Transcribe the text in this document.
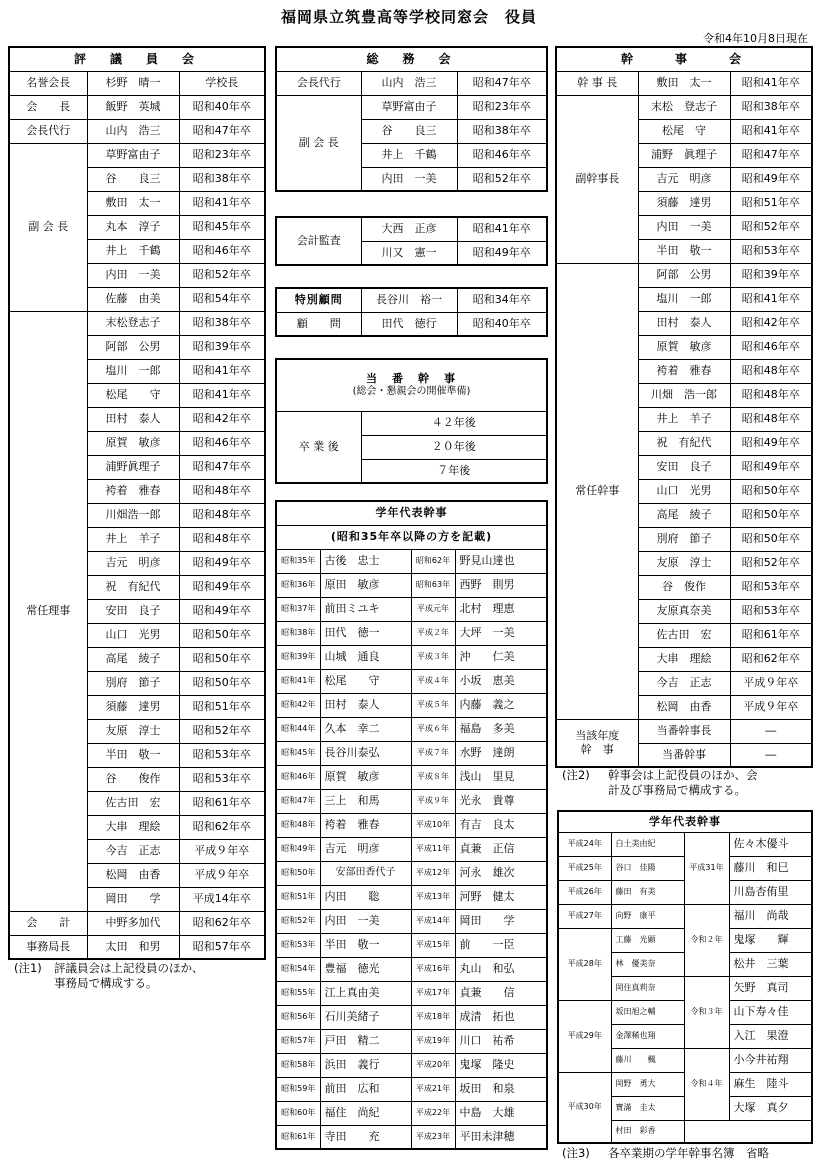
福岡県立筑豊高等学校同窓会　役員
令和4年10月8日現在
評　議　員　会		
名誉会長	杉野　晴一	学校長
会　　長	飯野　英城	昭和40年卒
会長代行	山内　浩三	昭和47年卒
副 会 長	草野富由子	昭和23年卒
	谷　　良三	昭和38年卒
	敷田　太一	昭和41年卒
	丸本　淳子	昭和45年卒
	井上　千鶴	昭和46年卒
	内田　一美	昭和52年卒
	佐藤　由美	昭和54年卒
常任理事	末松登志子	昭和38年卒
	阿部　公男	昭和39年卒
	塩川　一郎	昭和41年卒
	松尾　　守	昭和41年卒
	田村　泰人	昭和42年卒
	原賀　敏彦	昭和46年卒
	浦野眞理子	昭和47年卒
	袴着　雅春	昭和48年卒
	川畑浩一郎	昭和48年卒
	井上　羊子	昭和48年卒
	吉元　明彦	昭和49年卒
	祝　有紀代	昭和49年卒
	安田　良子	昭和49年卒
	山口　光男	昭和50年卒
	高尾　綾子	昭和50年卒
	別府　節子	昭和50年卒
	須藤　達男	昭和51年卒
	友原　淳士	昭和52年卒
	半田　敬一	昭和53年卒
	谷　　俊作	昭和53年卒
	佐古田　宏	昭和61年卒
	大串　理絵	昭和62年卒
	今吉　正志	平成９年卒
	松岡　由香	平成９年卒
	岡田　　学	平成14年卒
会　　計	中野多加代	昭和62年卒
事務局長	太田　和男	昭和57年卒
(注1) 評議員会は上記役員のほか、
事務局で構成する。
総　務　会		
会長代行	山内　浩三	昭和47年卒
副 会 長	草野富由子	昭和23年卒
	谷　　良三	昭和38年卒
	井上　千鶴	昭和46年卒
	内田　一美	昭和52年卒
会計監査	大西　正彦	昭和41年卒
	川又　憲一	昭和49年卒
特別顧問	長谷川　裕一	昭和34年卒
顧　　問	田代　徳行	昭和40年卒
当　番　幹　事
(総会・懇親会の開催準備)

卒 業 後	４２年後
２０年後
７年後
学年代表幹事			
(昭和35年卒以降の方を記載)			
昭和35年	古後　忠士	昭和62年	野見山達也
昭和36年	原田　敏彦	昭和63年	西野　則男
昭和37年	前田ミユキ	平成元年	北村　理恵
昭和38年	田代　徳一	平成２年	大坪　一美
昭和39年	山城　通良	平成３年	沖　　仁美
昭和41年	松尾　　守	平成４年	小坂　恵美
昭和42年	田村　泰人	平成５年	内藤　義之
昭和44年	久本　幸二	平成６年	福島　多美
昭和45年	長谷川泰弘	平成７年	水野　達朗
昭和46年	原賀　敏彦	平成８年	浅山　里見
昭和47年	三上　和馬	平成９年	光永　貴尊
昭和48年	袴着　雅春	平成10年	有吉　良太
昭和49年	吉元　明彦	平成11年	貞兼　正信
昭和50年	安部田香代子	平成12年	河永　雄次
昭和51年	内田　　聡	平成13年	河野　健太
昭和52年	内田　一美	平成14年	岡田　　学
昭和53年	半田　敬一	平成15年	前　　一臣
昭和54年	豊福　徳光	平成16年	丸山　和弘
昭和55年	江上真由美	平成17年	貞兼　　信
昭和56年	石川美緒子	平成18年	成清　拓也
昭和57年	戸田　精二	平成19年	川口　祐希
昭和58年	浜田　義行	平成20年	鬼塚　隆史
昭和59年	前田　広和	平成21年	坂田　和泉
昭和60年	福住　尚紀	平成22年	中島　大雄
昭和61年	寺田　　充	平成23年	平田未津穂
幹　　事　　会		
幹 事 長	敷田　太一	昭和41年卒
副幹事長	末松　登志子	昭和38年卒
	松尾　守	昭和41年卒
	浦野　眞理子	昭和47年卒
	吉元　明彦	昭和49年卒
	須藤　達男	昭和51年卒
	内田　一美	昭和52年卒
	半田　敬一	昭和53年卒
常任幹事	阿部　公男	昭和39年卒
	塩川　一郎	昭和41年卒
	田村　泰人	昭和42年卒
	原賀　敏彦	昭和46年卒
	袴着　雅春	昭和48年卒
	川畑　浩一郎	昭和48年卒
	井上　羊子	昭和48年卒
	祝　有紀代	昭和49年卒
	安田　良子	昭和49年卒
	山口　光男	昭和50年卒
	高尾　綾子	昭和50年卒
	別府　節子	昭和50年卒
	友原　淳士	昭和52年卒
	谷　俊作	昭和53年卒
	友原真奈美	昭和53年卒
	佐古田　宏	昭和61年卒
	大串　理絵	昭和62年卒
	今吉　正志	平成９年卒
	松岡　由香	平成９年卒

当該年度
幹　事	当番幹事長	―
	当番幹事	―
(注2) 幹事会は上記役員のほか、会
計及び事務局で構成する。
学年代表幹事			
平成24年	白土美由紀	平成31年	佐々木優斗
平成25年	谷口　佳陽		藤川　和巳
平成26年	藤田　有美		川島杏侑里
平成27年	向野　康平	令和２年	福川　尚哉
平成28年	工藤　光顕		鬼塚　　輝
	林　優美奈		松井　三葉
	岡住真莉奈	令和３年	矢野　真司
平成29年	坂田旭之輔		山下寿々佳
	金澤稀也翔		入江　果澄
	藤川　　楓	令和４年	小今井祐翔
平成30年	岡野　勇大		麻生　陸斗
	寶滿　圭太		大塚　真夕
	村田　彩香		
(注3) 各卒業期の学年幹事名簿　省略
